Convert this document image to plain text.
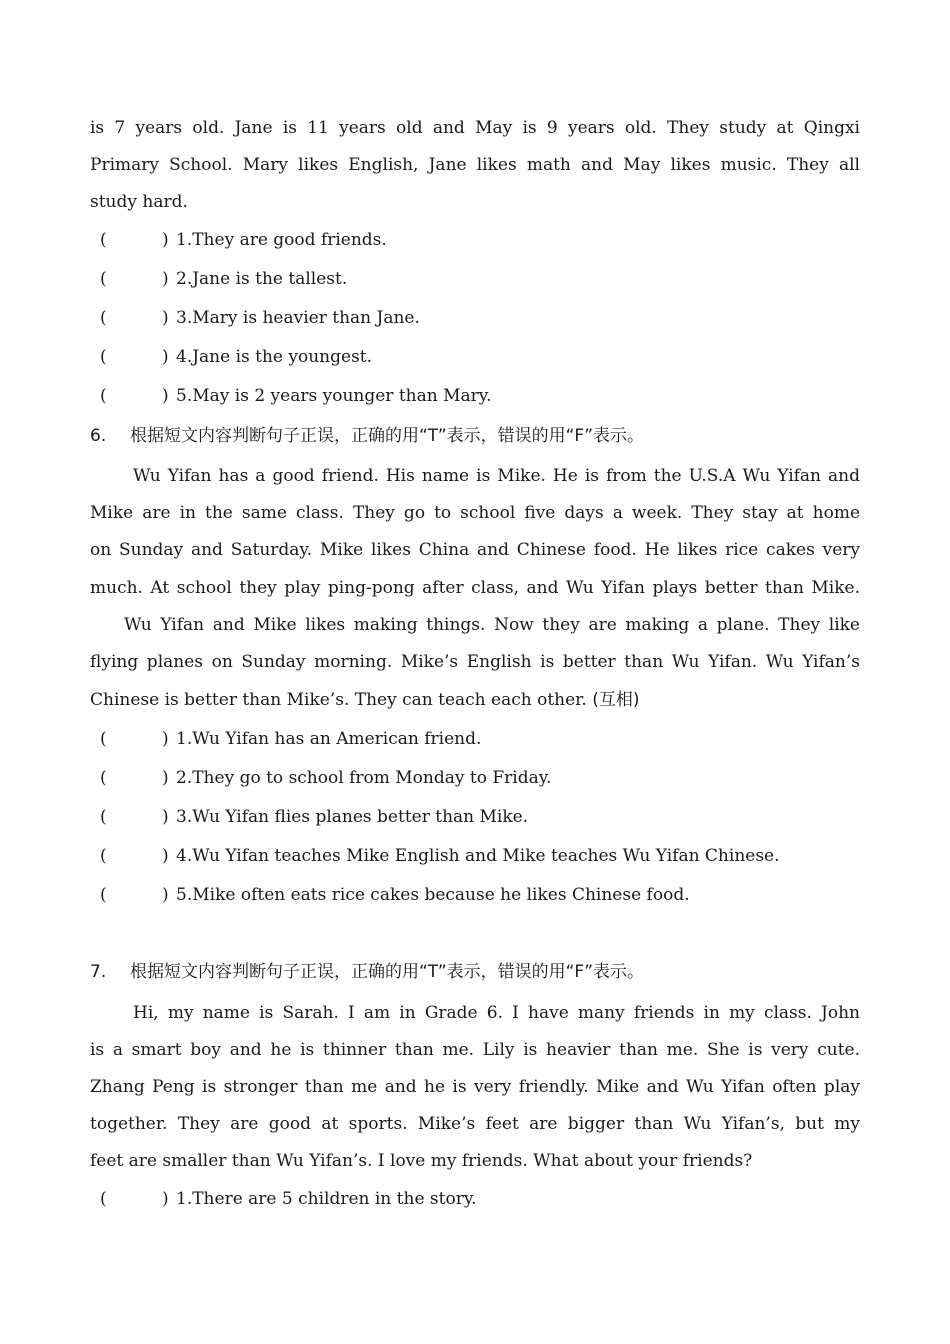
is 7 years old. Jane is 11 years old and May is 9 years old. They study at Qingxi
Primary School. Mary likes English, Jane likes math and May likes music. They all
study hard.
(	) 1.They are good friends.
(	) 2.Jane is the tallest.
(	) 3.Mary is heavier than Jane.
(	) 4.Jane is the youngest.
(	) 5.May is 2 years younger than Mary.
6. 根据短文内容判断句子正误，正确的用“T”表示，错误的用“F”表示。
Wu Yifan has a good friend. His name is Mike. He is from the U.S.A Wu Yifan and
Mike are in the same class. They go to school five days a week. They stay at home
on Sunday and Saturday. Mike likes China and Chinese food. He likes rice cakes very
much. At school they play ping-pong after class, and Wu Yifan plays better than Mike.
Wu Yifan and Mike likes making things. Now they are making a plane. They like
flying planes on Sunday morning. Mike’s English is better than Wu Yifan. Wu Yifan’s
Chinese is better than Mike’s. They can teach each other. (互相)
(	) 1.Wu Yifan has an American friend.
(	) 2.They go to school from Monday to Friday.
(	) 3.Wu Yifan flies planes better than Mike.
(	) 4.Wu Yifan teaches Mike English and Mike teaches Wu Yifan Chinese.
(	) 5.Mike often eats rice cakes because he likes Chinese food.
7. 根据短文内容判断句子正误，正确的用“T”表示，错误的用“F”表示。
Hi, my name is Sarah. I am in Grade 6. I have many friends in my class. John
is a smart boy and he is thinner than me. Lily is heavier than me. She is very cute.
Zhang Peng is stronger than me and he is very friendly. Mike and Wu Yifan often play
together. They are good at sports. Mike’s feet are bigger than Wu Yifan’s, but my
feet are smaller than Wu Yifan’s. I love my friends. What about your friends?
(	) 1.There are 5 children in the story.
